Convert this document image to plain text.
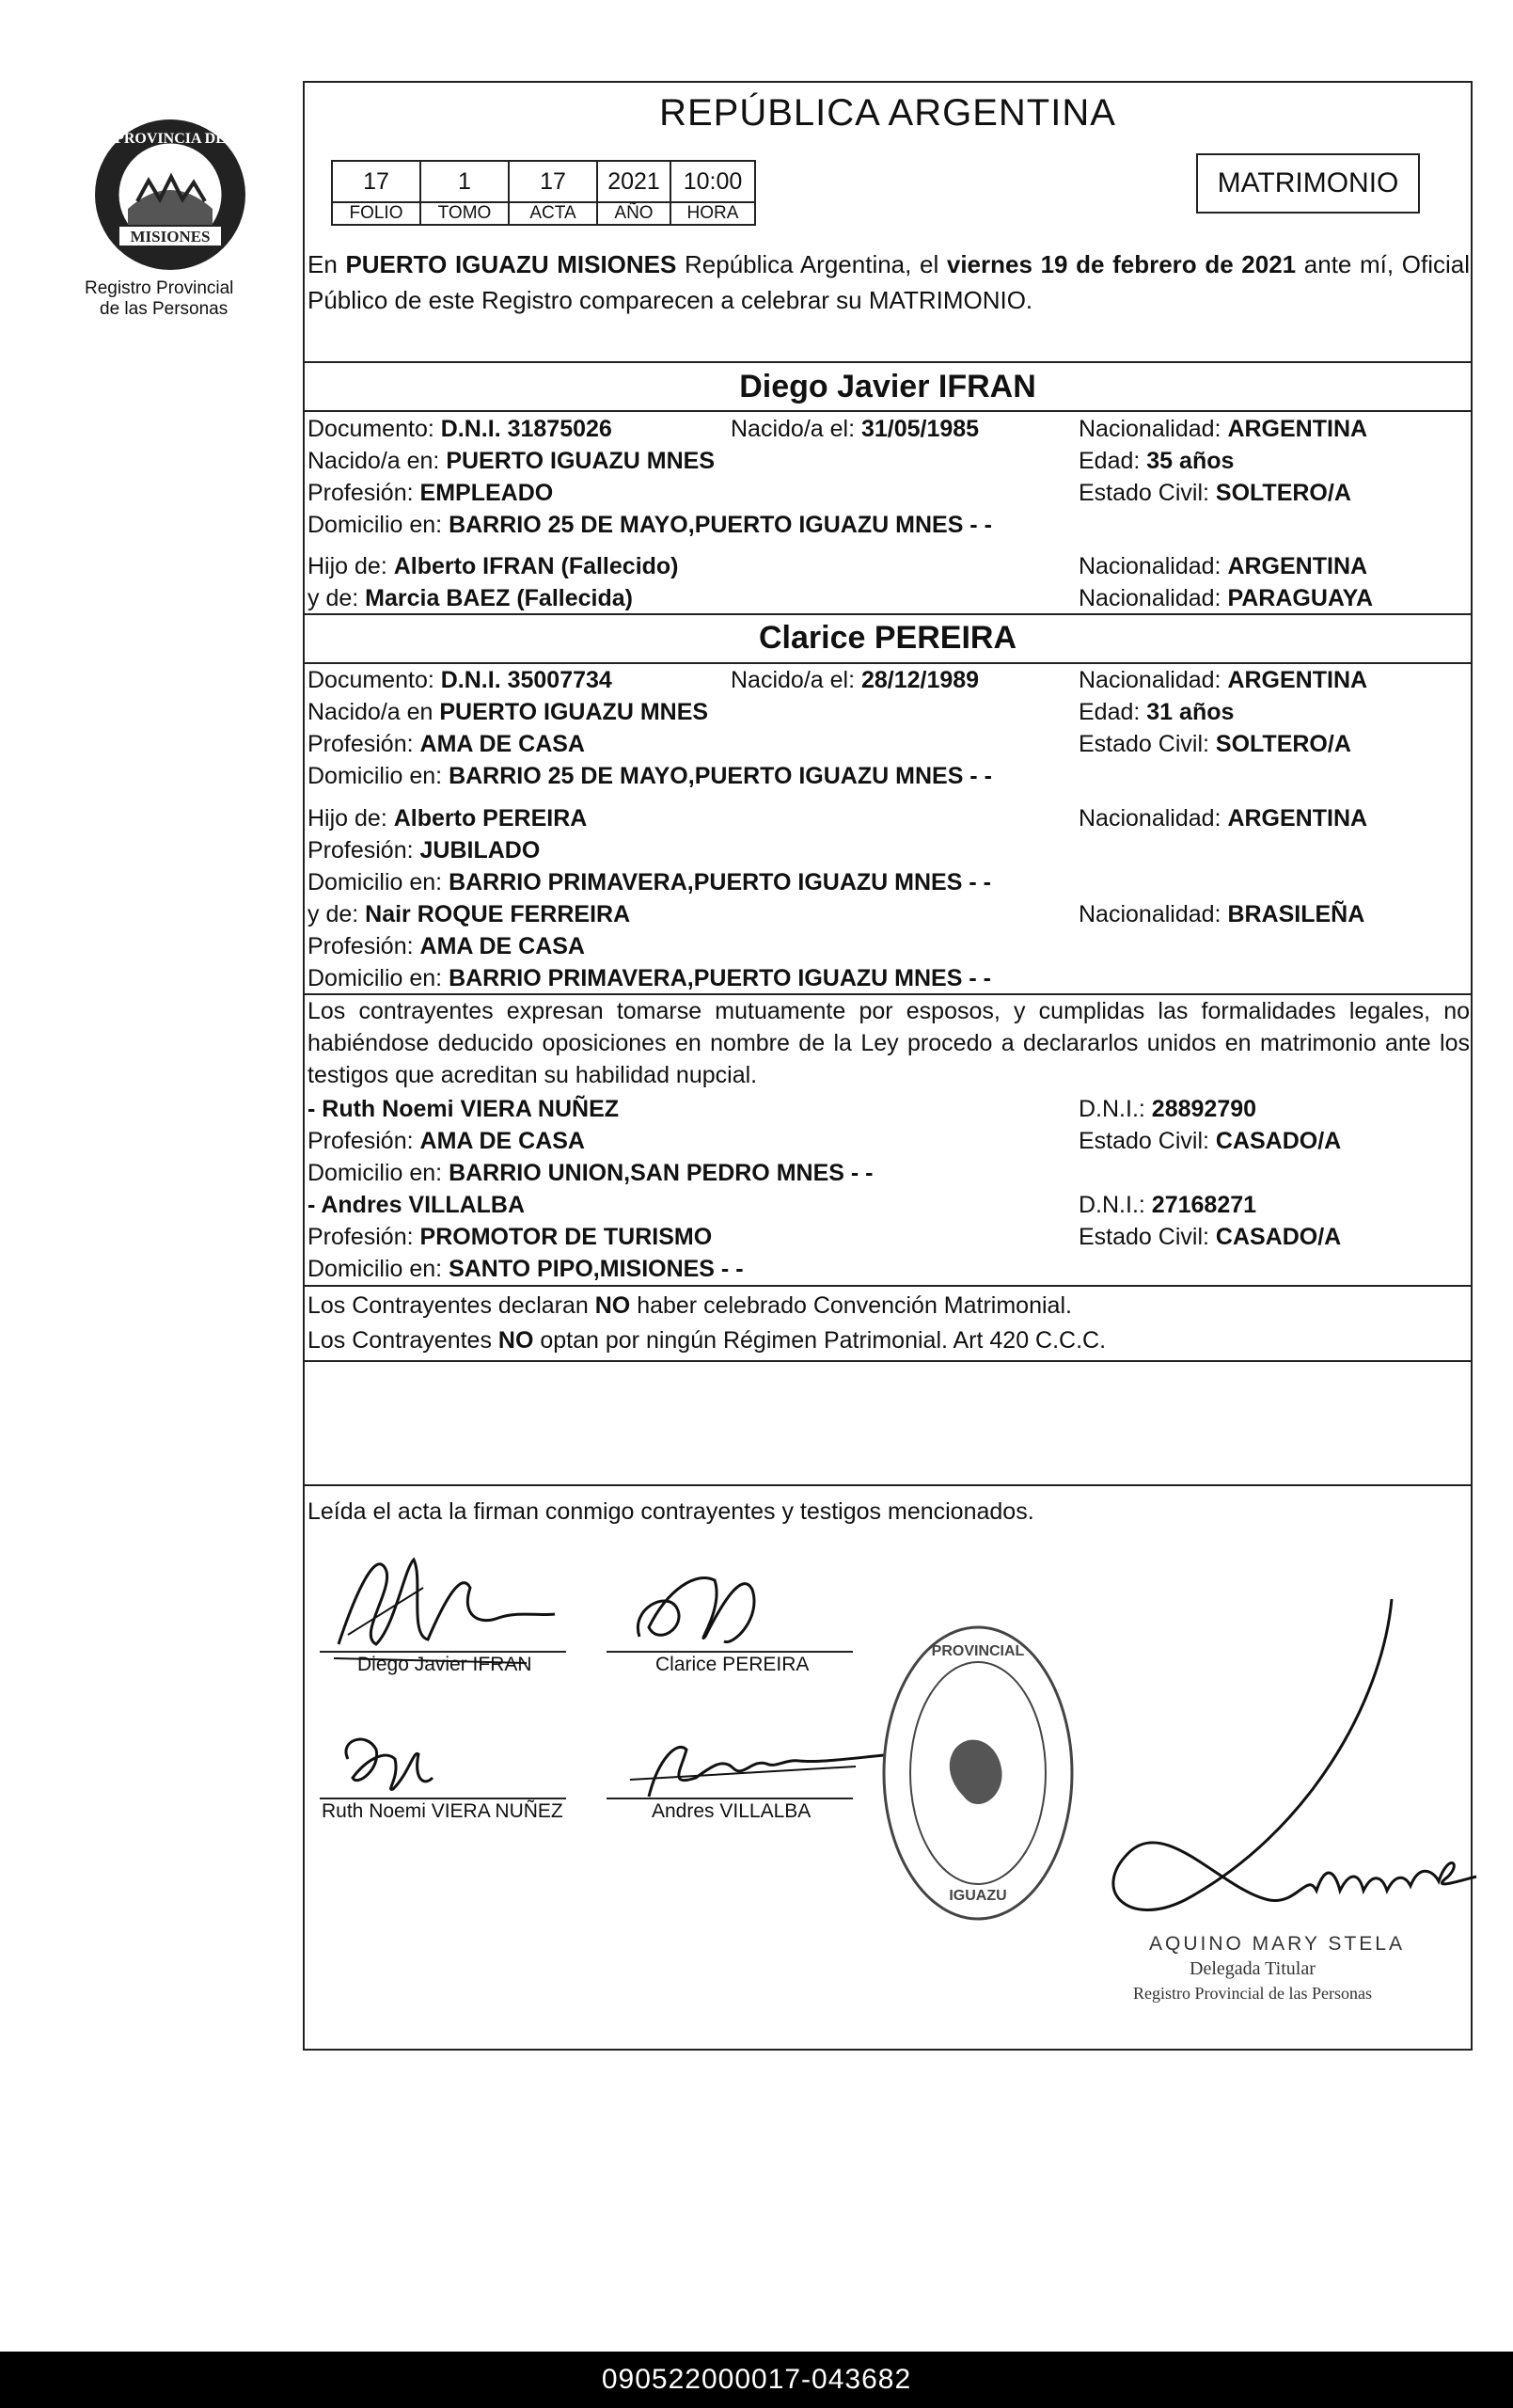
PROVINCIA DE
MISIONES
Registro Provincial
de las Personas
REPÚBLICA ARGENTINA
17	1	17	2021	10:00
FOLIO	TOMO	ACTA	AÑO	HORA
MATRIMONIO
En PUERTO IGUAZU MISIONES República Argentina, el viernes 19 de febrero de 2021 ante mí, Oficial Público de este Registro comparecen a celebrar su MATRIMONIO.
Diego Javier IFRAN
Documento: D.N.I. 31875026	Nacido/a el: 31/05/1985	Nacionalidad: ARGENTINA
Nacido/a en: PUERTO IGUAZU MNES	Edad: 35 años
Profesión: EMPLEADO	Estado Civil: SOLTERO/A
Domicilio en: BARRIO 25 DE MAYO,PUERTO IGUAZU MNES - -
Hijo de: Alberto IFRAN (Fallecido)	Nacionalidad: ARGENTINA
y de: Marcia BAEZ (Fallecida)	Nacionalidad: PARAGUAYA
Clarice PEREIRA
Documento: D.N.I. 35007734	Nacido/a el: 28/12/1989	Nacionalidad: ARGENTINA
Nacido/a en PUERTO IGUAZU MNES	Edad: 31 años
Profesión: AMA DE CASA	Estado Civil: SOLTERO/A
Domicilio en: BARRIO 25 DE MAYO,PUERTO IGUAZU MNES - -
Hijo de: Alberto PEREIRA	Nacionalidad: ARGENTINA
Profesión: JUBILADO
Domicilio en: BARRIO PRIMAVERA,PUERTO IGUAZU MNES - -
y de: Nair ROQUE FERREIRA	Nacionalidad: BRASILEÑA
Profesión: AMA DE CASA
Domicilio en: BARRIO PRIMAVERA,PUERTO IGUAZU MNES - -
Los contrayentes expresan tomarse mutuamente por esposos, y cumplidas las formalidades legales, no habiéndose deducido oposiciones en nombre de la Ley procedo a declararlos unidos en matrimonio ante los testigos que acreditan su habilidad nupcial.
- Ruth Noemi VIERA NUÑEZ	D.N.I.: 28892790
Profesión: AMA DE CASA	Estado Civil: CASADO/A
Domicilio en: BARRIO UNION,SAN PEDRO MNES - -
- Andres VILLALBA	D.N.I.: 27168271
Profesión: PROMOTOR DE TURISMO	Estado Civil: CASADO/A
Domicilio en: SANTO PIPO,MISIONES - -
Los Contrayentes declaran NO haber celebrado Convención Matrimonial.
Los Contrayentes NO optan por ningún Régimen Patrimonial. Art 420 C.C.C.
Leída el acta la firman conmigo contrayentes y testigos mencionados.
Diego Javier IFRAN	Clarice PEREIRA
Ruth Noemi VIERA NUÑEZ	Andres VILLALBA
PROVINCIAL
IGUAZU
AQUINO MARY STELA
Delegada Titular
Registro Provincial de las Personas
090522000017-043682
